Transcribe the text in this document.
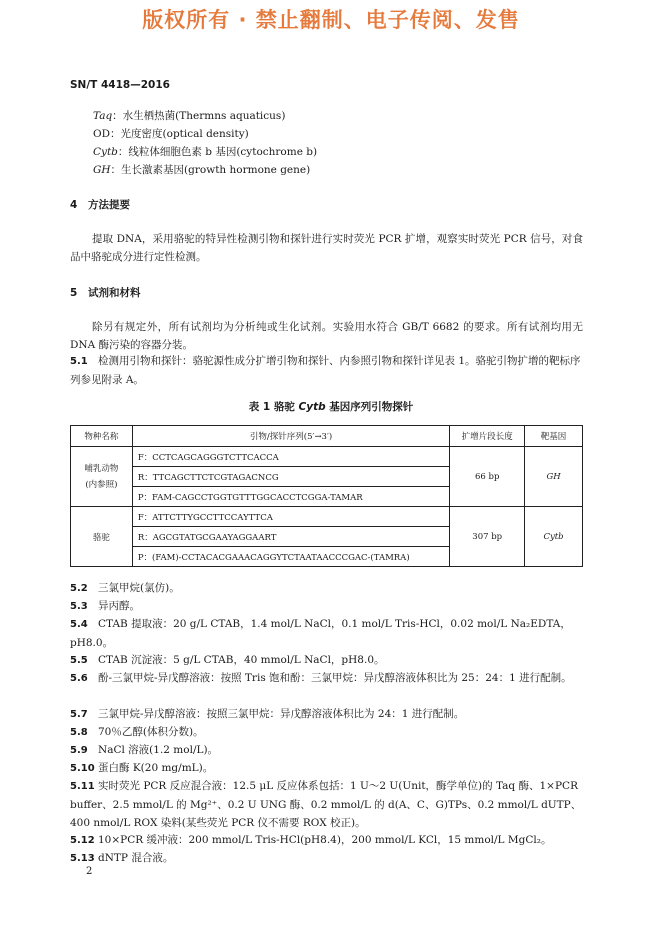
版权所有 · 禁止翻制、电子传阅、发售
SN/T 4418—2016
Taq：水生栖热菌(Thermns aquaticus)
OD：光度密度(optical density)
Cytb：线粒体细胞色素 b 基因(cytochrome b)
GH：生长激素基因(growth hormone gene)
4 方法提要
提取 DNA，采用骆驼的特异性检测引物和探针进行实时荧光 PCR 扩增，观察实时荧光 PCR 信号，对食品中骆驼成分进行定性检测。
5 试剂和材料
除另有规定外，所有试剂均为分析纯或生化试剂。实验用水符合 GB/T 6682 的要求。所有试剂均用无 DNA 酶污染的容器分装。
5.1 检测用引物和探针：骆驼源性成分扩增引物和探针、内参照引物和探针详见表 1。骆驼引物扩增的靶标序列参见附录 A。
表 1 骆驼 Cytb 基因序列引物探针
物种名称	引物/探针序列(5′→3′)	扩增片段长度	靶基因
哺乳动物
(内参照)	F：CCTCAGCAGGGTCTTCACCA	66 bp	GH
	R：TTCAGCTTCTCGTAGACNCG		
	P：FAM-CAGCCTGGTGTTTGGCACCTCGGA-TAMAR		
骆驼	F：ATTCTTYGCCTTCCAYTTCA	307 bp	Cytb
	R：AGCGTATGCGAAYAGGAART		
	P：(FAM)-CCTACACGAAACAGGYTCTAATAACCCGAC-(TAMRA)		
5.2 三氯甲烷(氯仿)。
5.3 异丙醇。
5.4 CTAB 提取液：20 g/L CTAB，1.4 mol/L NaCl，0.1 mol/L Tris-HCl，0.02 mol/L Na₂EDTA，pH8.0。
5.5 CTAB 沉淀液：5 g/L CTAB，40 mmol/L NaCl，pH8.0。
5.6 酚-三氯甲烷-异戊醇溶液：按照 Tris 饱和酚：三氯甲烷：异戊醇溶液体积比为 25：24：1 进行配制。
5.7 三氯甲烷-异戊醇溶液：按照三氯甲烷：异戊醇溶液体积比为 24：1 进行配制。
5.8 70％乙醇(体积分数)。
5.9 NaCl 溶液(1.2 mol/L)。
5.10 蛋白酶 K(20 mg/mL)。
5.11 实时荧光 PCR 反应混合液：12.5 μL 反应体系包括：1 U～2 U(Unit，酶学单位)的 Taq 酶、1×PCR buffer、2.5 mmol/L 的 Mg²⁺、0.2 U UNG 酶、0.2 mmol/L 的 d(A、C、G)TPs、0.2 mmol/L dUTP、400 nmol/L ROX 染料(某些荧光 PCR 仪不需要 ROX 校正)。
5.12 10×PCR 缓冲液：200 mmol/L Tris-HCl(pH8.4)，200 mmol/L KCl，15 mmol/L MgCl₂。
5.13 dNTP 混合液。
2
